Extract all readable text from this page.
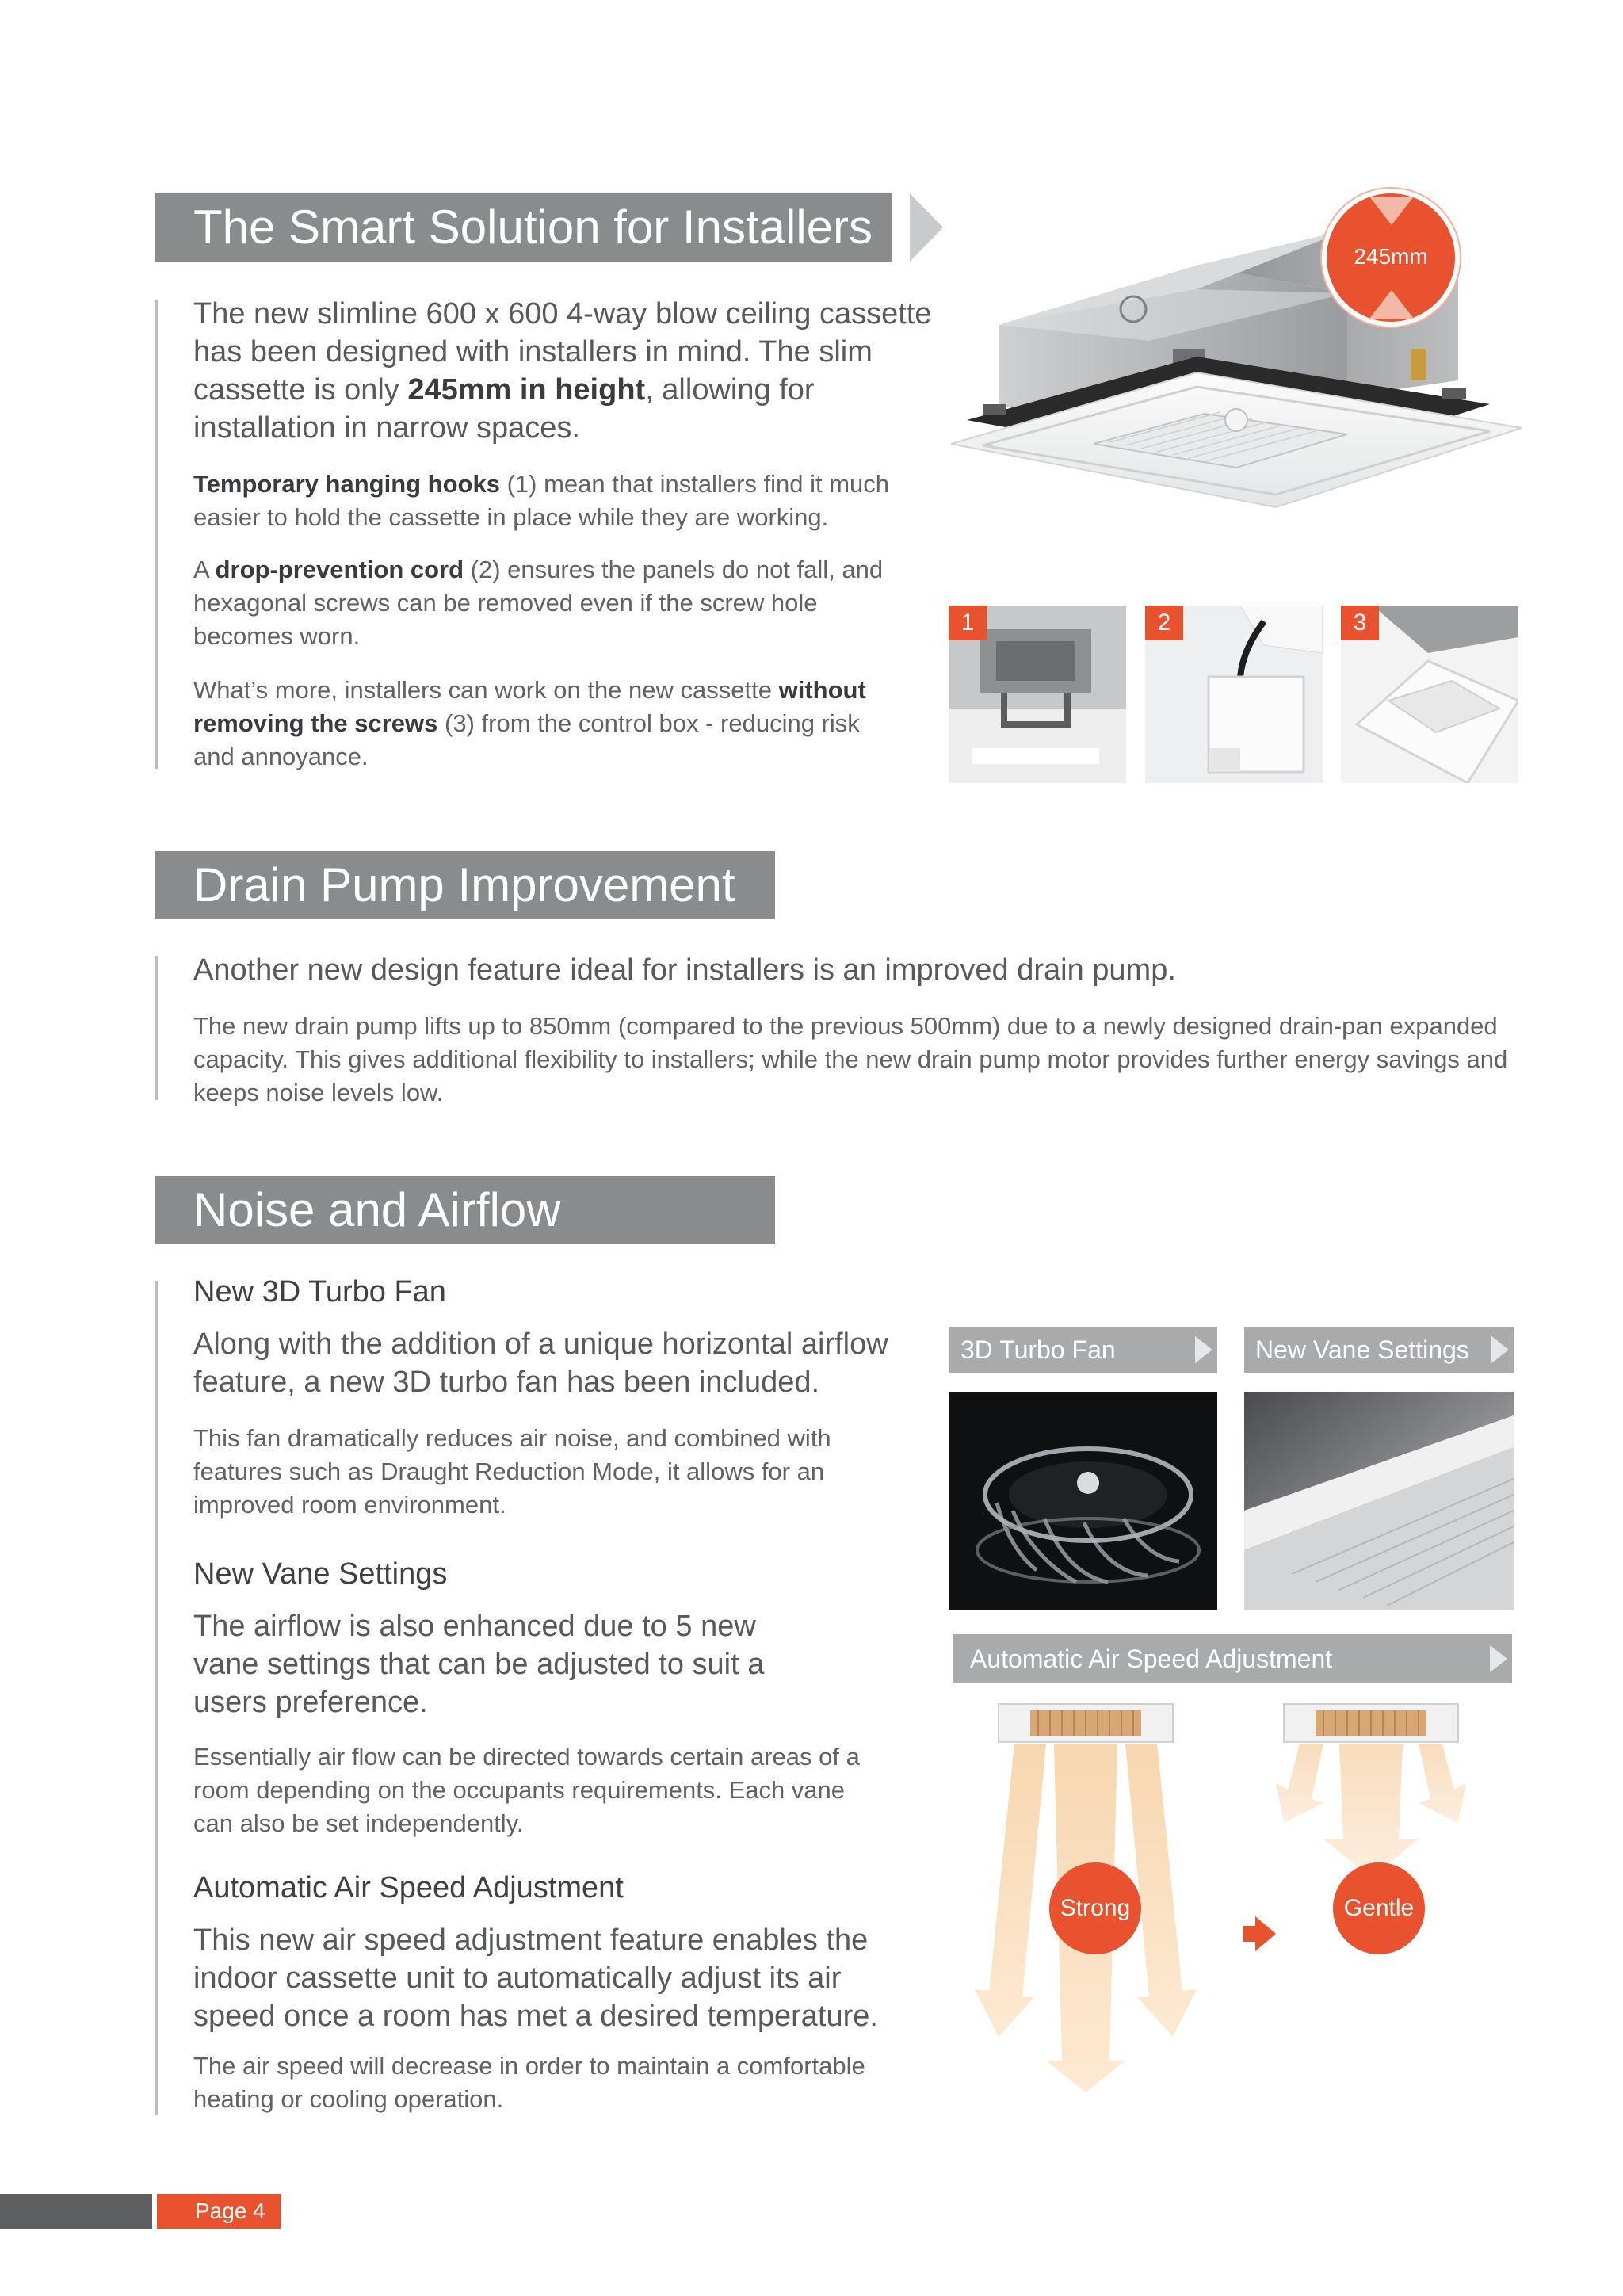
The Smart Solution for Installers
The new slimline 600 x 600 4-way blow ceiling cassette has been designed with installers in mind. The slim cassette is only 245mm in height, allowing for installation in narrow spaces.
Temporary hanging hooks (1) mean that installers find it much easier to hold the cassette in place while they are working.
A drop-prevention cord (2) ensures the panels do not fall, and hexagonal screws can be removed even if the screw hole becomes worn.
What’s more, installers can work on the new cassette without removing the screws (3) from the control box - reducing risk and annoyance.
245mm
1	2	3
Drain Pump Improvement
Another new design feature ideal for installers is an improved drain pump.
The new drain pump lifts up to 850mm (compared to the previous 500mm) due to a newly designed drain-pan expanded capacity. This gives additional flexibility to installers; while the new drain pump motor provides further energy savings and keeps noise levels low.
Noise and Airflow
New 3D Turbo Fan
Along with the addition of a unique horizontal airflow feature, a new 3D turbo fan has been included.
This fan dramatically reduces air noise, and combined with features such as Draught Reduction Mode, it allows for an improved room environment.
New Vane Settings
The airflow is also enhanced due to 5 new vane settings that can be adjusted to suit a users preference.
Essentially air flow can be directed towards certain areas of a room depending on the occupants requirements. Each vane can also be set independently.
Automatic Air Speed Adjustment
This new air speed adjustment feature enables the indoor cassette unit to automatically adjust its air speed once a room has met a desired temperature.
The air speed will decrease in order to maintain a comfortable heating or cooling operation.
3D Turbo Fan	New Vane Settings
Automatic Air Speed Adjustment
Strong	Gentle
Page 4
